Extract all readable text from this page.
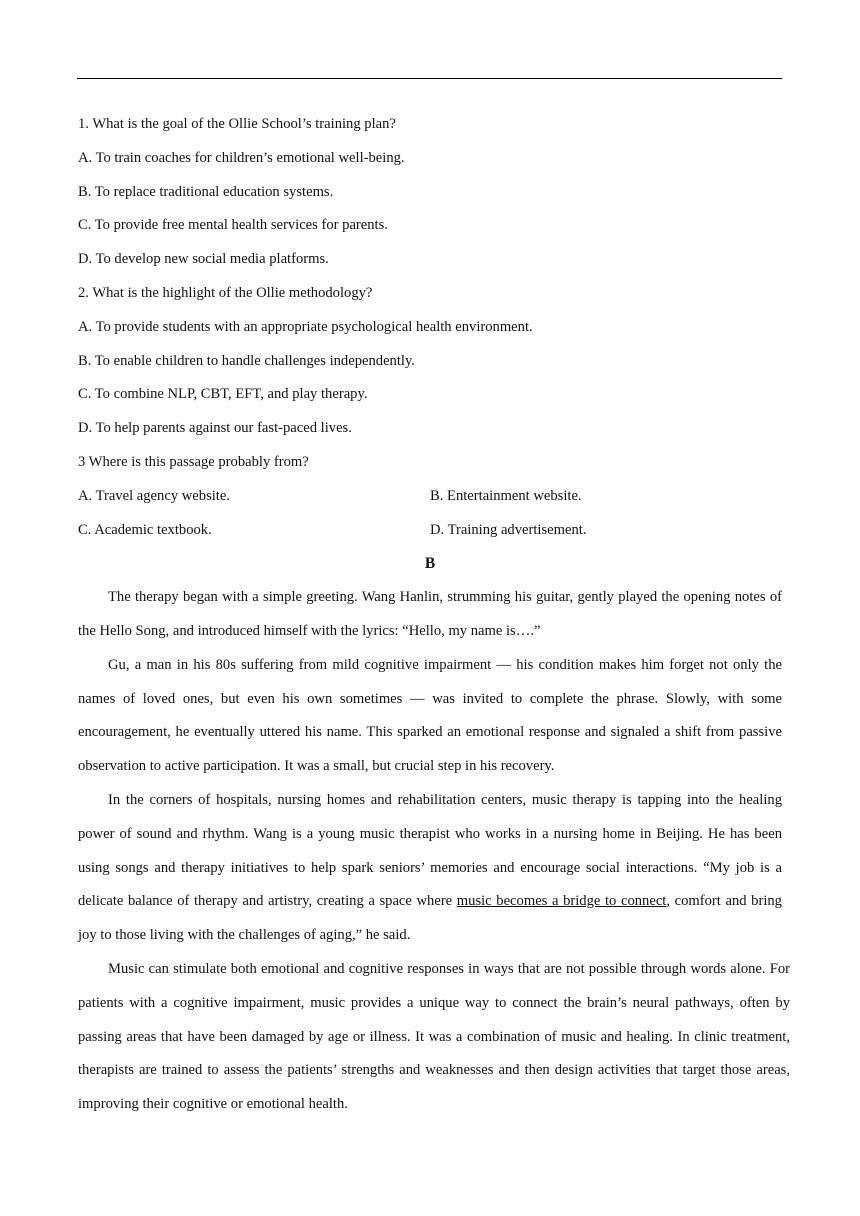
1. What is the goal of the Ollie School’s training plan?
A. To train coaches for children’s emotional well-being.
B. To replace traditional education systems.
C. To provide free mental health services for parents.
D. To develop new social media platforms.
2. What is the highlight of the Ollie methodology?
A. To provide students with an appropriate psychological health environment.
B. To enable children to handle challenges independently.
C. To combine NLP, CBT, EFT, and play therapy.
D. To help parents against our fast-paced lives.
3 Where is this passage probably from?
A. Travel agency website.	B. Entertainment website.
C. Academic textbook.	D. Training advertisement.
B

The therapy began with a simple greeting. Wang Hanlin, strumming his guitar, gently played the opening notes of the Hello Song, and introduced himself with the lyrics: “Hello, my name is….”

Gu, a man in his 80s suffering from mild cognitive impairment — his condition makes him forget not only the names of loved ones, but even his own sometimes — was invited to complete the phrase. Slowly, with some encouragement, he eventually uttered his name. This sparked an emotional response and signaled a shift from passive observation to active participation. It was a small, but crucial step in his recovery.

In the corners of hospitals, nursing homes and rehabilitation centers, music therapy is tapping into the healing power of sound and rhythm. Wang is a young music therapist who works in a nursing home in Beijing. He has been using songs and therapy initiatives to help spark seniors’ memories and encourage social interactions. “My job is a delicate balance of therapy and artistry, creating a space where music becomes a bridge to connect, comfort and bring joy to those living with the challenges of aging,” he said.

Music can stimulate both emotional and cognitive responses in ways that are not possible through words alone. For patients with a cognitive impairment, music provides a unique way to connect the brain’s neural pathways, often by passing areas that have been damaged by age or illness. It was a combination of music and healing. In clinic treatment, therapists are trained to assess the patients’ strengths and weaknesses and then design activities that target those areas, improving their cognitive or emotional health.
